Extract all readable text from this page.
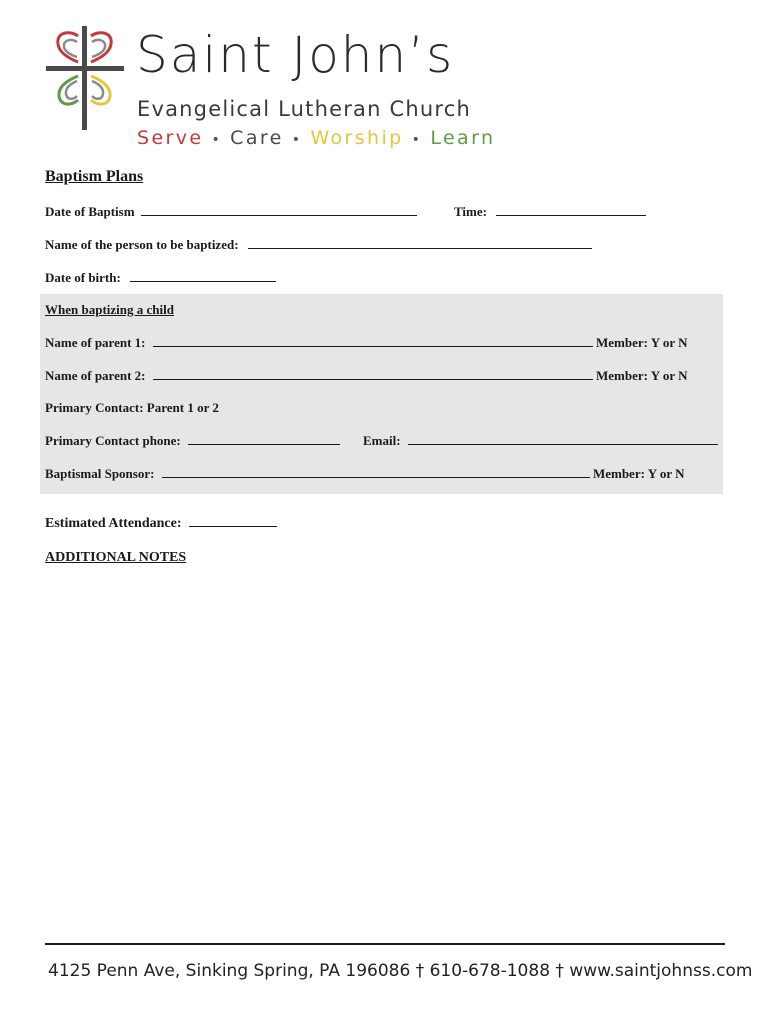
Saint John’s
Evangelical Lutheran Church
Serve • Care • Worship • Learn
Baptism Plans
Date of Baptism	Time:
Name of the person to be baptized:
Date of birth:
When baptizing a child
Name of parent 1:	Member: Y or N
Name of parent 2:	Member: Y or N
Primary Contact: Parent 1 or 2
Primary Contact phone:	Email:
Baptismal Sponsor:	Member: Y or N
Estimated Attendance:
ADDITIONAL NOTES
4125 Penn Ave, Sinking Spring, PA 196086 † 610-678-1088 † www.saintjohnss.com
